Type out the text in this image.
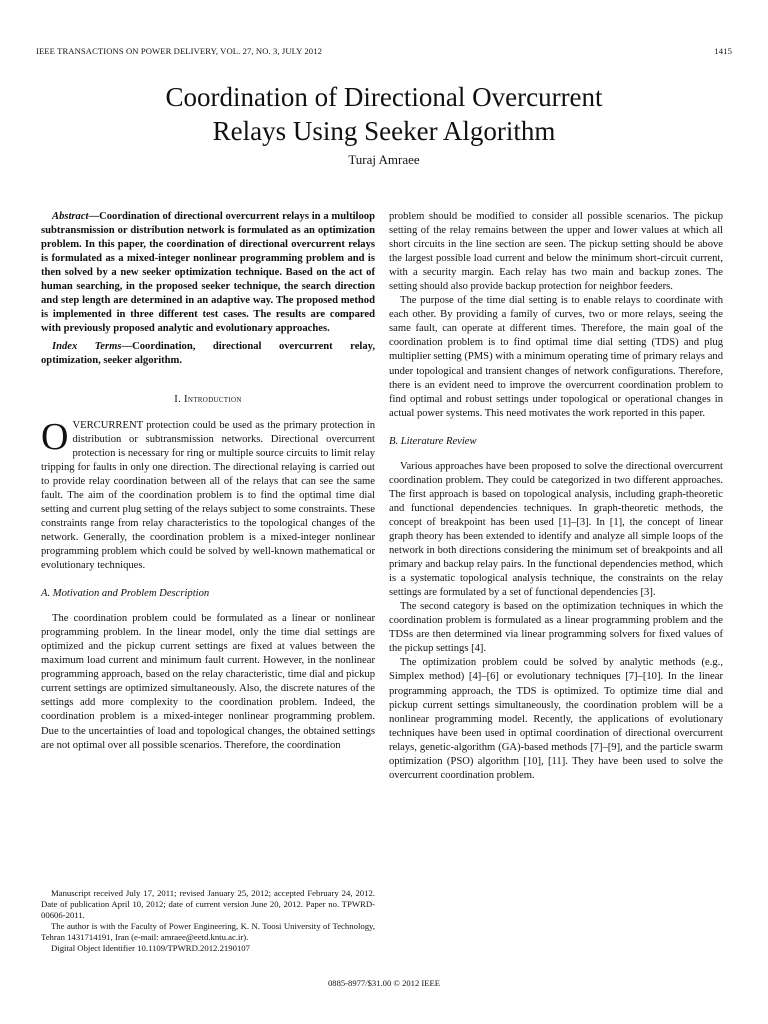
IEEE TRANSACTIONS ON POWER DELIVERY, VOL. 27, NO. 3, JULY 2012	1415
Coordination of Directional Overcurrent
Relays Using Seeker Algorithm
Turaj Amraee

Abstract—Coordination of directional overcurrent relays in a multiloop subtransmission or distribution network is formulated as an optimization problem. In this paper, the coordination of directional overcurrent relays is formulated as a mixed-integer nonlinear programming problem and is then solved by a new seeker optimization technique. Based on the act of human searching, in the proposed seeker technique, the search direction and step length are determined in an adaptive way. The proposed method is implemented in three different test cases. The results are compared with previously proposed analytic and evolutionary approaches.

Index Terms—Coordination, directional overcurrent relay, optimization, seeker algorithm.

I. Introduction

OVERCURRENT protection could be used as the primary protection in distribution or subtransmission networks. Directional overcurrent protection is necessary for ring or multiple source circuits to limit relay tripping for faults in only one direction. The directional relaying is carried out to provide relay coordination between all of the relays that can see the same fault. The aim of the coordination problem is to find the optimal time dial setting and current plug setting of the relays subject to some constraints. These constraints range from relay characteristics to the topological changes of the network. Generally, the coordination problem is a mixed-integer nonlinear programming problem which could be solved by well-known mathematical or evolutionary techniques.

A. Motivation and Problem Description

The coordination problem could be formulated as a linear or nonlinear programming problem. In the linear model, only the time dial settings are optimized and the pickup current settings are fixed at values between the maximum load current and minimum fault current. However, in the nonlinear programming approach, based on the relay characteristic, time dial and pickup current settings are optimized simultaneously. Also, the discrete natures of the settings add more complexity to the coordination problem. Indeed, the coordination problem is a mixed-integer nonlinear programming problem. Due to the uncertainties of load and topological changes, the obtained settings are not optimal over all possible scenarios. Therefore, the coordination

problem should be modified to consider all possible scenarios. The pickup setting of the relay remains between the upper and lower values at which all short circuits in the line section are seen. The pickup setting should be above the largest possible load current and below the minimum short-circuit current, with a security margin. Each relay has two main and backup zones. The setting should also provide backup protection for neighbor feeders.

The purpose of the time dial setting is to enable relays to coordinate with each other. By providing a family of curves, two or more relays, seeing the same fault, can operate at different times. Therefore, the main goal of the coordination problem is to find optimal time dial setting (TDS) and plug multiplier setting (PMS) with a minimum operating time of primary relays and under topological and transient changes of network configurations. Therefore, there is an evident need to improve the overcurrent coordination problem to find optimal and robust settings under topological or operational changes in actual power systems. This need motivates the work reported in this paper.

B. Literature Review

Various approaches have been proposed to solve the directional overcurrent coordination problem. They could be categorized in two different approaches. The first approach is based on topological analysis, including graph-theoretic and functional dependencies techniques. In graph-theoretic methods, the concept of breakpoint has been used [1]–[3]. In [1], the concept of linear graph theory has been extended to identify and analyze all simple loops of the network in both directions considering the minimum set of breakpoints and all primary and backup relay pairs. In the functional dependencies method, which is a systematic topological analysis technique, the constraints on the relay settings are formulated by a set of functional dependencies [3].

The second category is based on the optimization techniques in which the coordination problem is formulated as a linear programming problem and the TDSs are then determined via linear programming solvers for fixed values of the pickup settings [4].

The optimization problem could be solved by analytic methods (e.g., Simplex method) [4]–[6] or evolutionary techniques [7]–[10]. In the linear programming approach, the TDS is optimized. To optimize time dial and pickup current settings simultaneously, the coordination problem will be a nonlinear programming model. Recently, the applications of evolutionary techniques have been used in optimal coordination of directional overcurrent relays, genetic-algorithm (GA)-based methods [7]–[9], and the particle swarm optimization (PSO) algorithm [10], [11]. They have been used to solve the overcurrent coordination problem.

Manuscript received July 17, 2011; revised January 25, 2012; accepted February 24, 2012. Date of publication April 10, 2012; date of current version June 20, 2012. Paper no. TPWRD-00606-2011.

The author is with the Faculty of Power Engineering, K. N. Toosi University of Technology, Tehran 1431714191, Iran (e-mail: amraee@eetd.kntu.ac.ir).

Digital Object Identifier 10.1109/TPWRD.2012.2190107

0885-8977/$31.00 © 2012 IEEE
